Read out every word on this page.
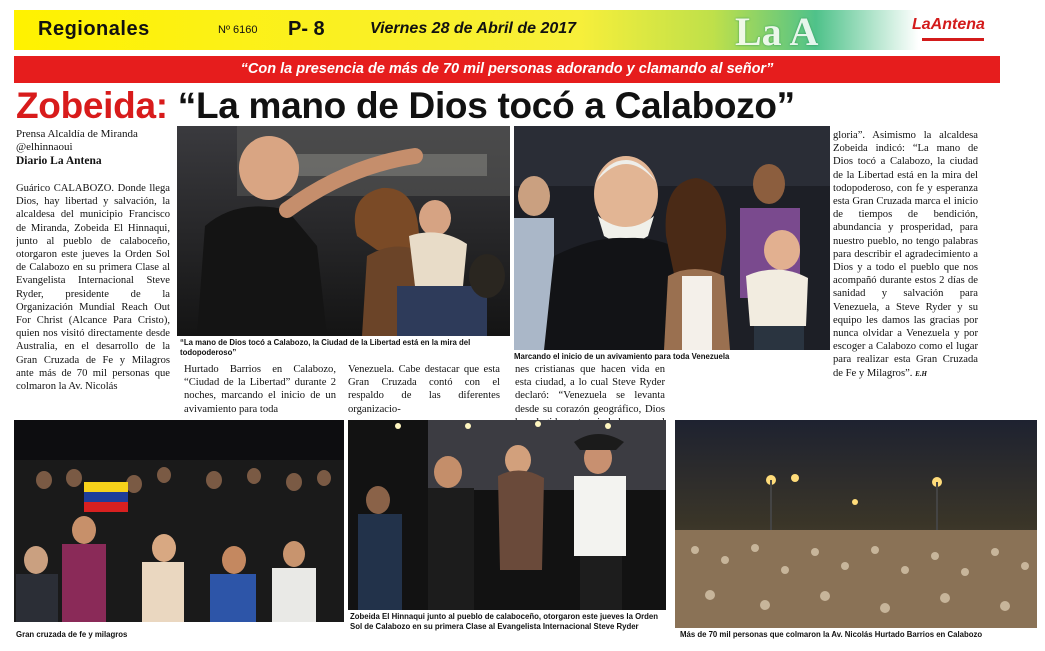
Regionales	Nº 6160 P- 8	Viernes 28 de Abril de 2017	La A	LaAntena
“Con la presencia de más de 70 mil personas adorando y clamando al señor”
Zobeida: “La mano de Dios tocó a Calabozo”
Prensa Alcaldía de Miranda
@elhinnaoui
Diario La Antena
Guárico CALABOZO. Donde llega Dios, hay libertad y salvación, la alcaldesa del municipio Francisco de Miranda, Zobeida El Hinnaqui, junto al pueblo de calaboceño, otorgaron este jueves la Orden Sol de Calabozo en su primera Clase al Evangelista Internacional Steve Ryder, presidente de la Organización Mundial Reach Out For Christ (Alcance Para Cristo), quien nos visitó directamente desde Australia, en el desarrollo de la Gran Cruzada de Fe y Milagros ante más de 70 mil personas que colmaron la Av. Nicolás
Hurtado Barrios en Calabozo, “Ciudad de la Libertad” durante 2 noches, marcando el inicio de un avivamiento para toda
Venezuela. Cabe destacar que esta Gran Cruzada contó con el respaldo de las diferentes organizacio-
nes cristianas que hacen vida en esta ciudad, a lo cual Steve Ryder declaró: “Venezuela se levanta desde su corazón geográfico, Dios
gloria”. Asimismo la alcaldesa Zobeida indicó: “La mano de Dios tocó a Calabozo, la ciudad de la Libertad está en la mira del todopoderoso, con fe y esperanza esta Gran Cruzada marca el inicio de tiempos de bendición, abundancia y prosperidad, para nuestro pueblo, no tengo palabras para describir el agradecimiento a Dios y a todo el pueblo que nos acompañó durante estos 2 días de sanidad y salvación para Venezuela, a Steve Ryder y su equipo les damos las gracias por nunca olvidar a Venezuela y por escoger a Calabozo como el lugar para realizar esta Gran Cruzada de Fe y Milagros”. E.H
“La mano de Dios tocó a Calabozo, la Ciudad de la Libertad está en la mira del todopoderoso”	Marcando el inicio de un avivamiento para toda Venezuela
Gran cruzada de fe y milagros
Zobeida El Hinnaqui junto al pueblo de calaboceño, otorgaron este jueves la Orden Sol de Calabozo en su primera Clase al Evangelista Internacional Steve Ryder
Más de 70 mil personas que colmaron la Av. Nicolás Hurtado Barrios en Calabozo
